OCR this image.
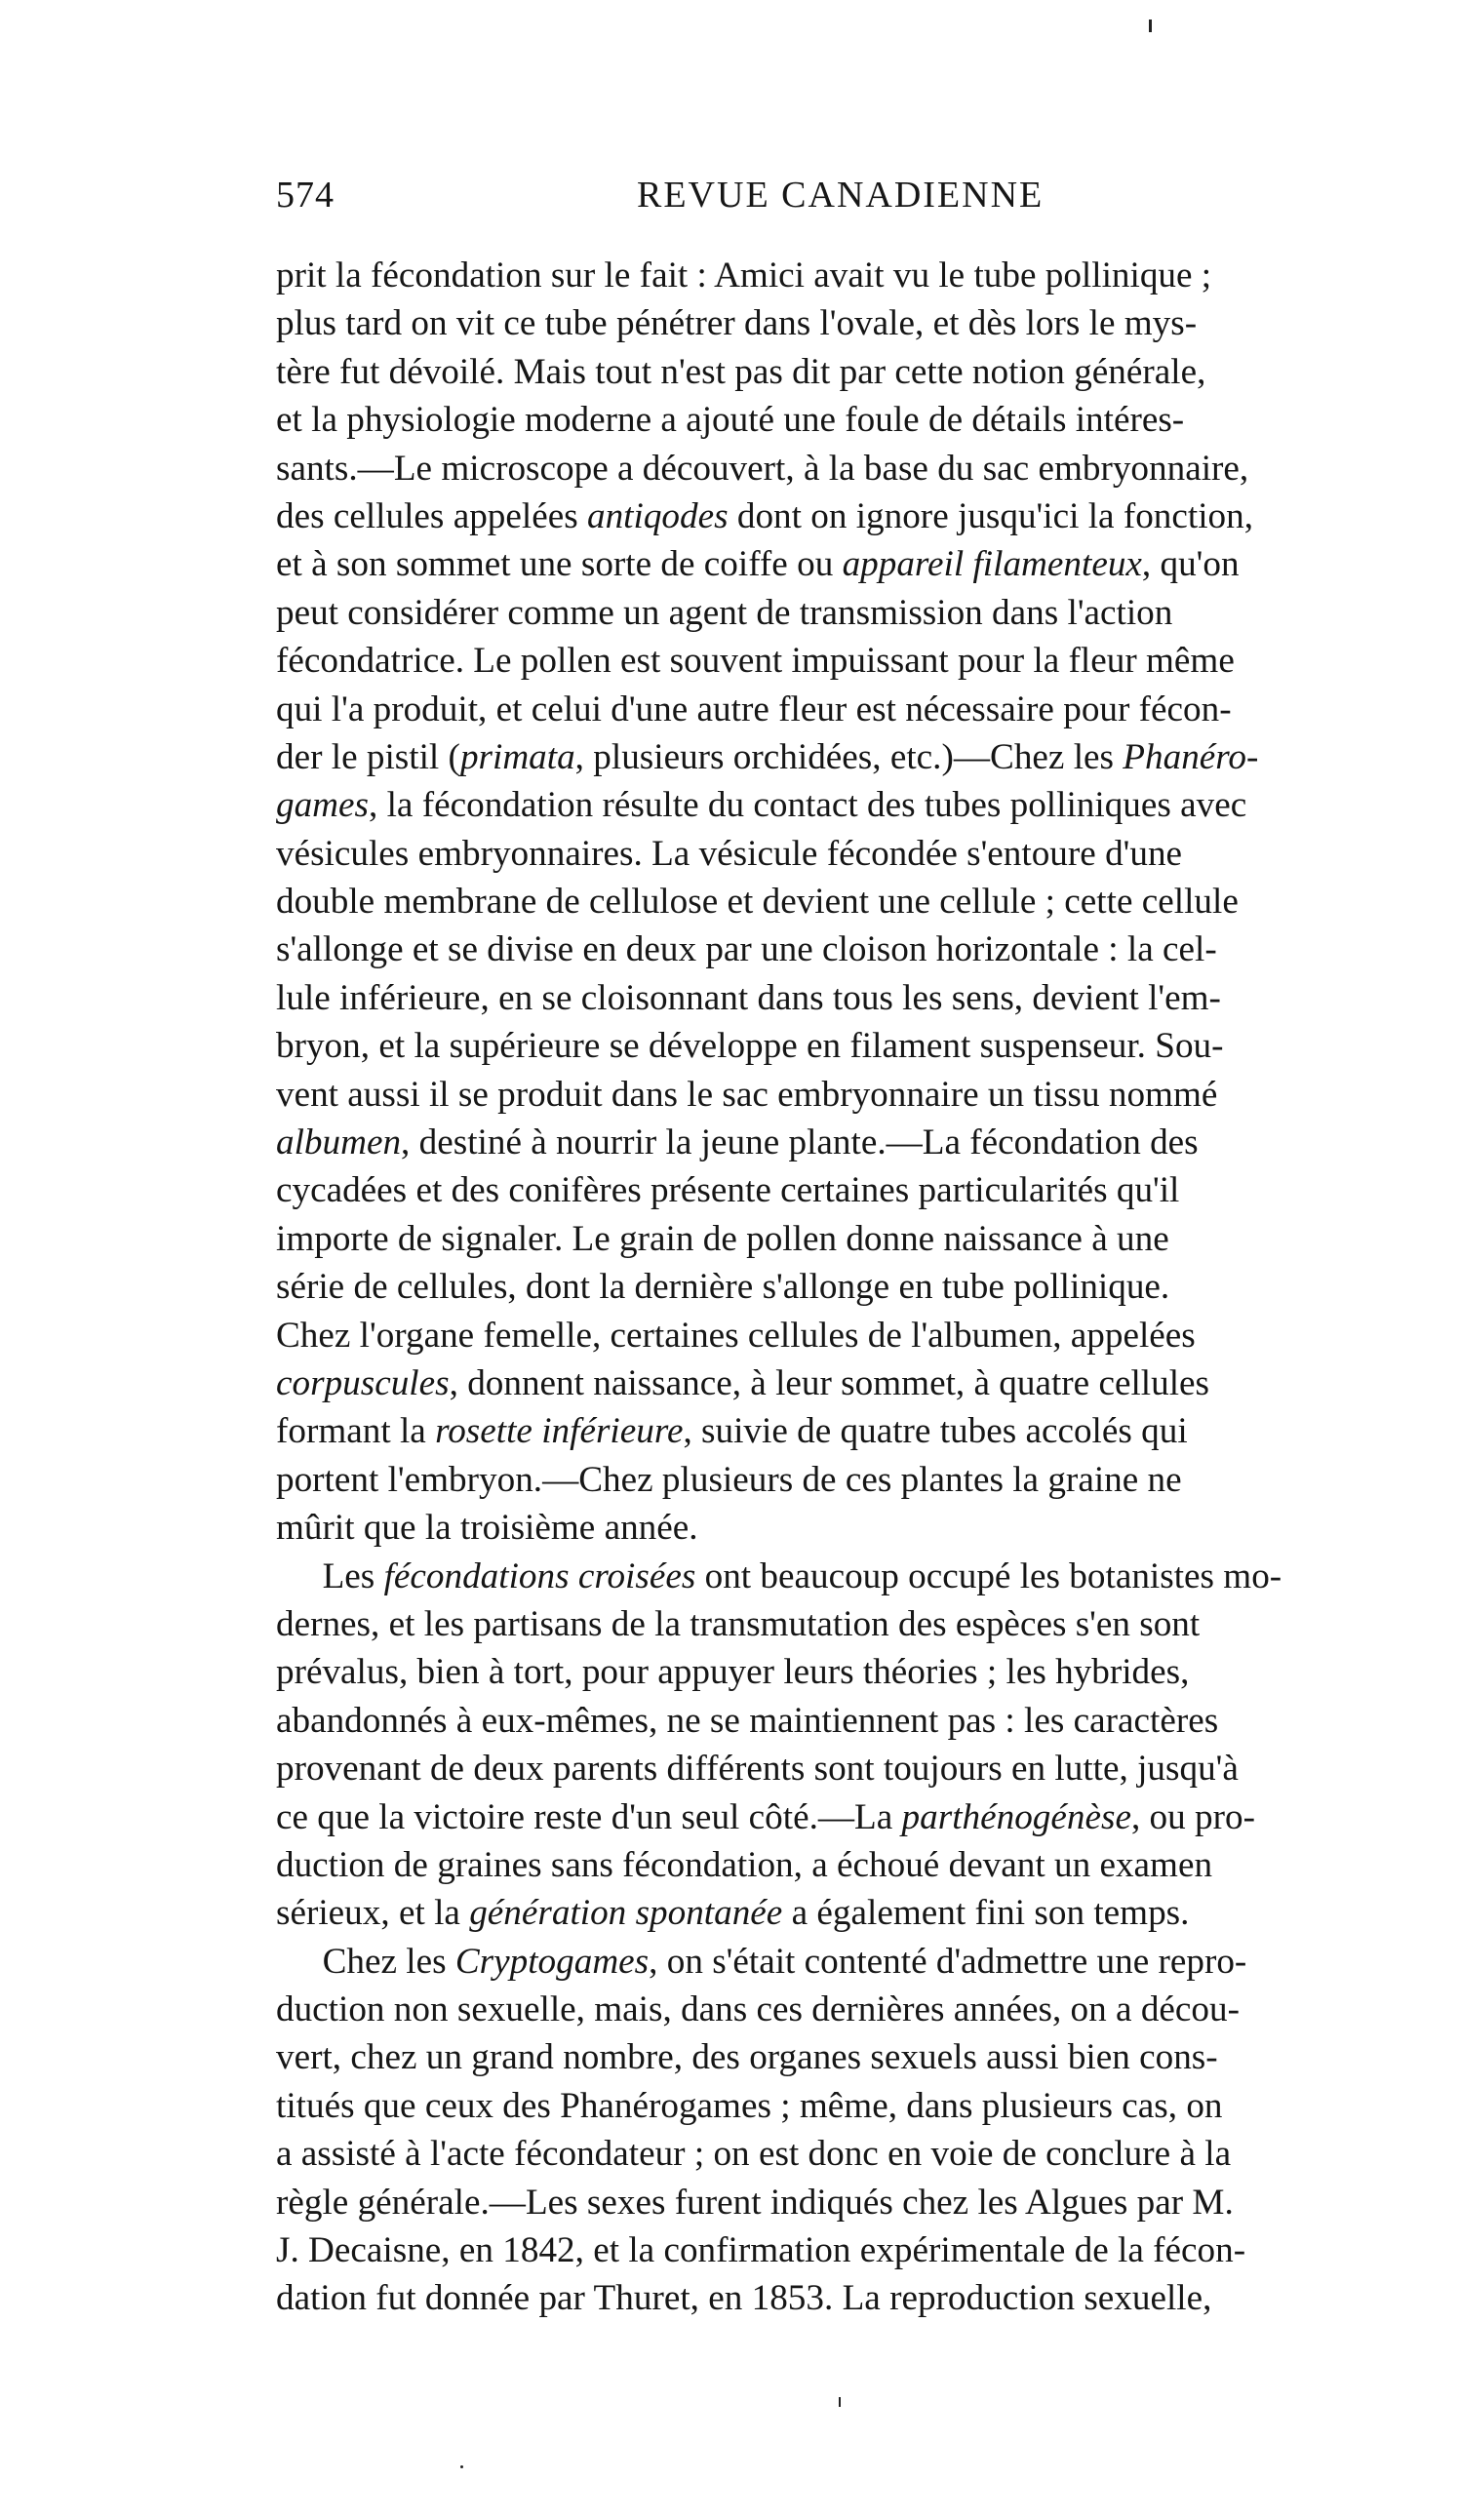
574	REVUE CANADIENNE
prit la fécondation sur le fait : Amici avait vu le tube pollinique ;
plus tard on vit ce tube pénétrer dans l'ovale, et dès lors le mys-
tère fut dévoilé. Mais tout n'est pas dit par cette notion générale,
et la physiologie moderne a ajouté une foule de détails intéres-
sants.—Le microscope a découvert, à la base du sac embryonnaire,
des cellules appelées antiqodes dont on ignore jusqu'ici la fonction,
et à son sommet une sorte de coiffe ou appareil filamenteux, qu'on
peut considérer comme un agent de transmission dans l'action
fécondatrice. Le pollen est souvent impuissant pour la fleur même
qui l'a produit, et celui d'une autre fleur est nécessaire pour fécon-
der le pistil (primata, plusieurs orchidées, etc.)—Chez les Phanéro-
games, la fécondation résulte du contact des tubes polliniques avec
vésicules embryonnaires. La vésicule fécondée s'entoure d'une
double membrane de cellulose et devient une cellule ; cette cellule
s'allonge et se divise en deux par une cloison horizontale : la cel-
lule inférieure, en se cloisonnant dans tous les sens, devient l'em-
bryon, et la supérieure se développe en filament suspenseur. Sou-
vent aussi il se produit dans le sac embryonnaire un tissu nommé
albumen, destiné à nourrir la jeune plante.—La fécondation des
cycadées et des conifères présente certaines particularités qu'il
importe de signaler. Le grain de pollen donne naissance à une
série de cellules, dont la dernière s'allonge en tube pollinique.
Chez l'organe femelle, certaines cellules de l'albumen, appelées
corpuscules, donnent naissance, à leur sommet, à quatre cellules
formant la rosette inférieure, suivie de quatre tubes accolés qui
portent l'embryon.—Chez plusieurs de ces plantes la graine ne
mûrit que la troisième année.
Les fécondations croisées ont beaucoup occupé les botanistes mo-
dernes, et les partisans de la transmutation des espèces s'en sont
prévalus, bien à tort, pour appuyer leurs théories ; les hybrides,
abandonnés à eux-mêmes, ne se maintiennent pas : les caractères
provenant de deux parents différents sont toujours en lutte, jusqu'à
ce que la victoire reste d'un seul côté.—La parthénogénèse, ou pro-
duction de graines sans fécondation, a échoué devant un examen
sérieux, et la génération spontanée a également fini son temps.
Chez les Cryptogames, on s'était contenté d'admettre une repro-
duction non sexuelle, mais, dans ces dernières années, on a décou-
vert, chez un grand nombre, des organes sexuels aussi bien cons-
titués que ceux des Phanérogames ; même, dans plusieurs cas, on
a assisté à l'acte fécondateur ; on est donc en voie de conclure à la
règle générale.—Les sexes furent indiqués chez les Algues par M.
J. Decaisne, en 1842, et la confirmation expérimentale de la fécon-
dation fut donnée par Thuret, en 1853. La reproduction sexuelle,
